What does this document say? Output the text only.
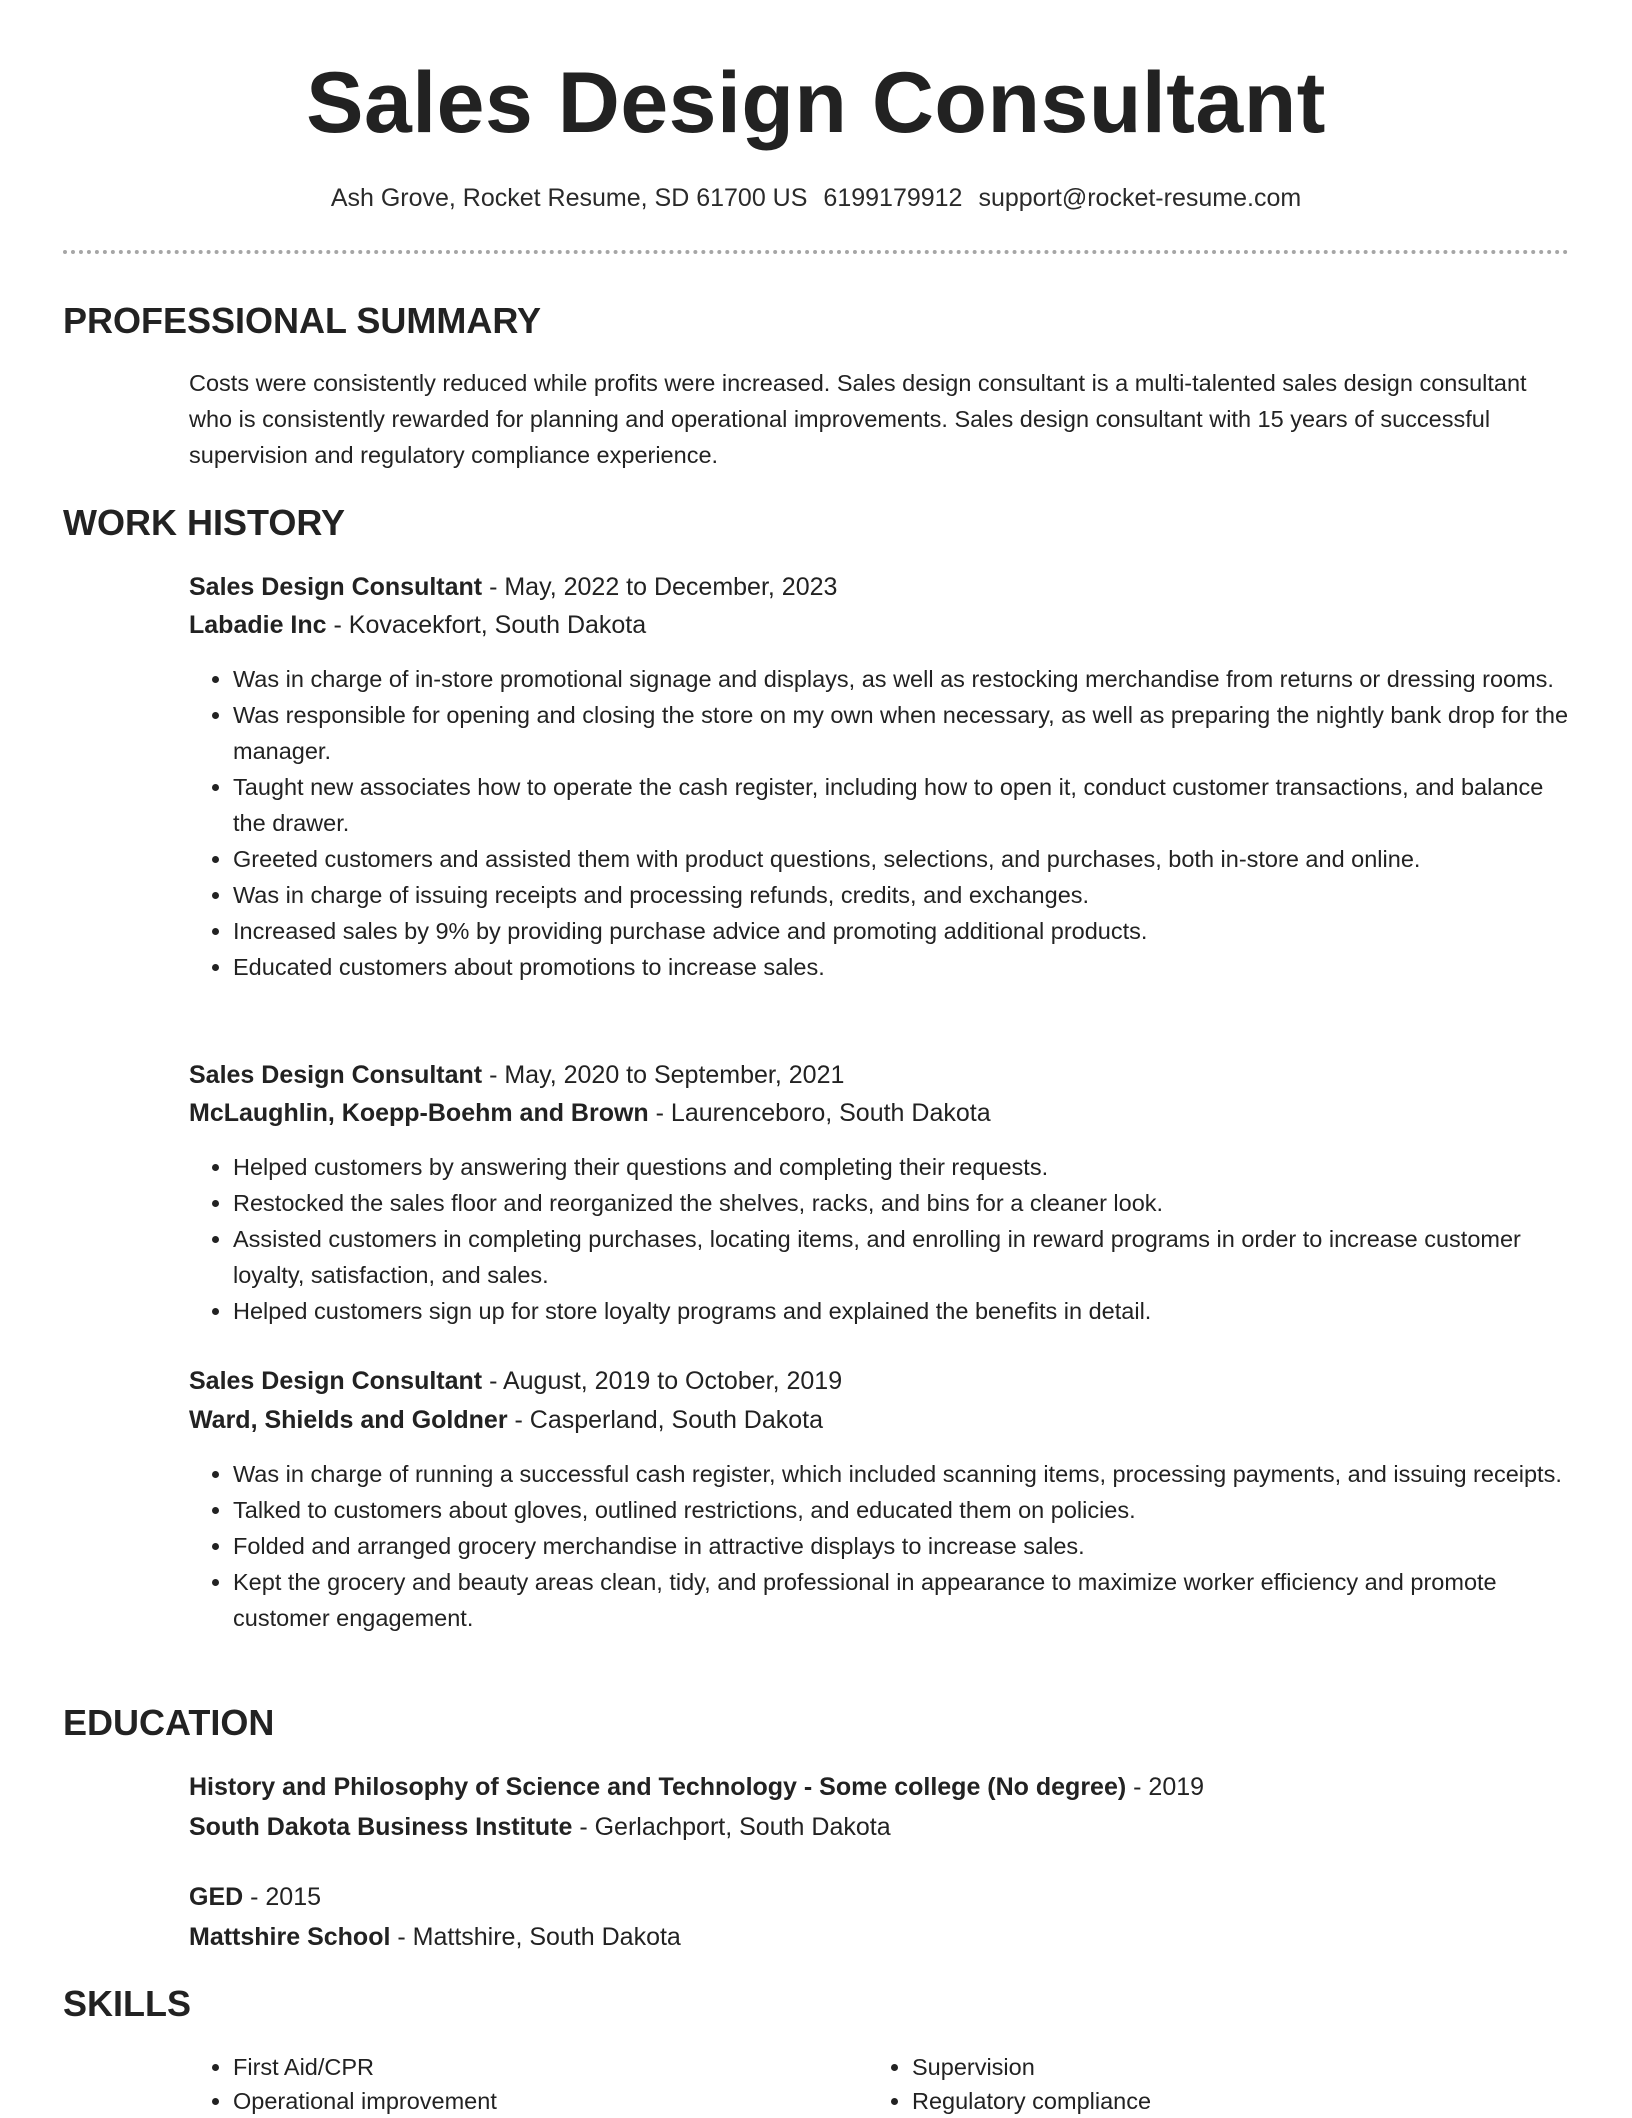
Sales Design Consultant
Ash Grove, Rocket Resume, SD 61700 US 6199179912 support@rocket-resume.com
PROFESSIONAL SUMMARY
Costs were consistently reduced while profits were increased. Sales design consultant is a multi-talented sales design consultant who is consistently rewarded for planning and operational improvements. Sales design consultant with 15 years of successful supervision and regulatory compliance experience.
WORK HISTORY
Sales Design Consultant - May, 2022 to December, 2023
Labadie Inc - Kovacekfort, South Dakota
• Was in charge of in-store promotional signage and displays, as well as restocking merchandise from returns or dressing rooms.
• Was responsible for opening and closing the store on my own when necessary, as well as preparing the nightly bank drop for the manager.
• Taught new associates how to operate the cash register, including how to open it, conduct customer transactions, and balance the drawer.
• Greeted customers and assisted them with product questions, selections, and purchases, both in-store and online.
• Was in charge of issuing receipts and processing refunds, credits, and exchanges.
• Increased sales by 9% by providing purchase advice and promoting additional products.
• Educated customers about promotions to increase sales.
Sales Design Consultant - May, 2020 to September, 2021
McLaughlin, Koepp-Boehm and Brown - Laurenceboro, South Dakota
• Helped customers by answering their questions and completing their requests.
• Restocked the sales floor and reorganized the shelves, racks, and bins for a cleaner look.
• Assisted customers in completing purchases, locating items, and enrolling in reward programs in order to increase customer loyalty, satisfaction, and sales.
• Helped customers sign up for store loyalty programs and explained the benefits in detail.
Sales Design Consultant - August, 2019 to October, 2019
Ward, Shields and Goldner - Casperland, South Dakota
• Was in charge of running a successful cash register, which included scanning items, processing payments, and issuing receipts.
• Talked to customers about gloves, outlined restrictions, and educated them on policies.
• Folded and arranged grocery merchandise in attractive displays to increase sales.
• Kept the grocery and beauty areas clean, tidy, and professional in appearance to maximize worker efficiency and promote customer engagement.
EDUCATION
History and Philosophy of Science and Technology - Some college (No degree) - 2019
South Dakota Business Institute - Gerlachport, South Dakota
GED - 2015
Mattshire School - Mattshire, South Dakota
SKILLS
• First Aid/CPR
• Operational improvement
• Supervision
• Regulatory compliance
